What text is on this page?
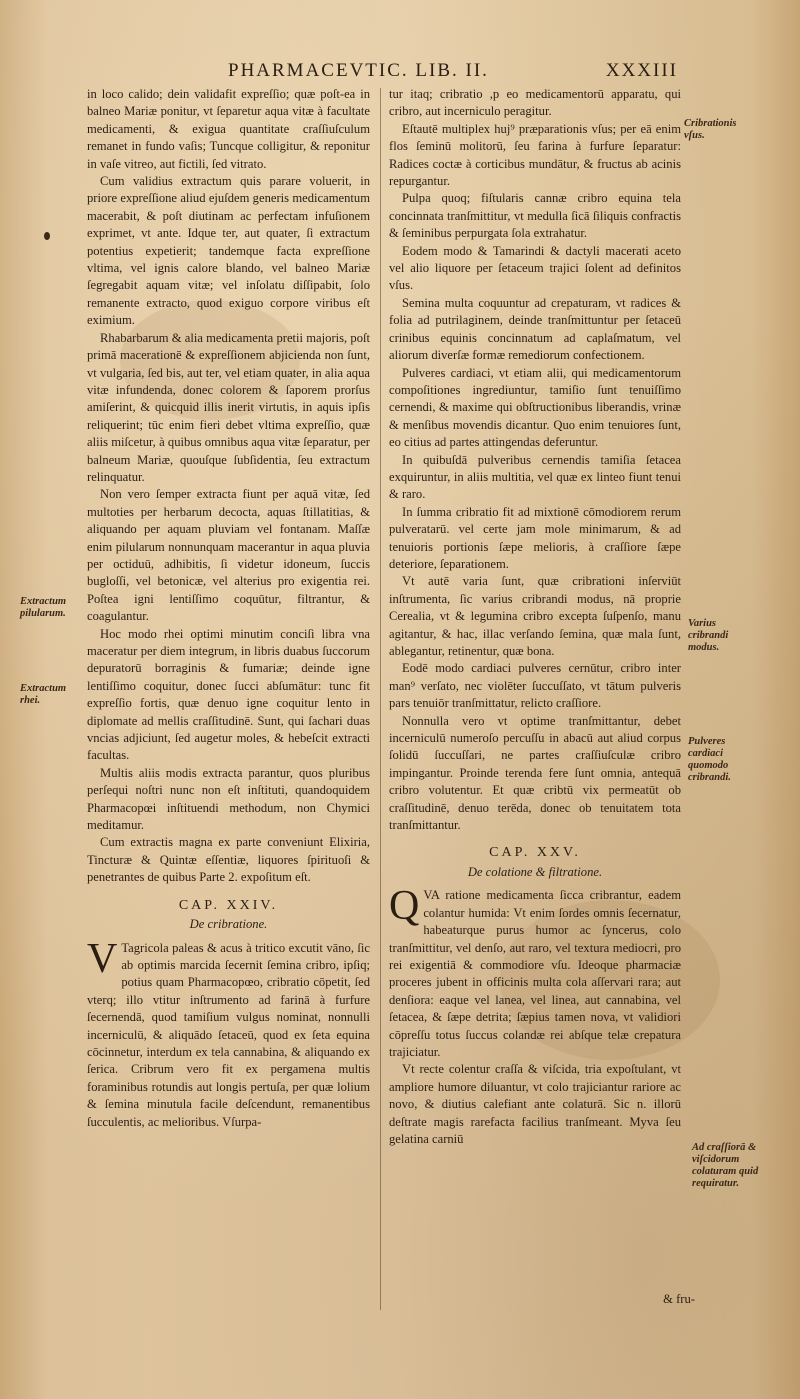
PHARMACEVTIC. LIB. II.	XXXIII

in loco calido; dein validafit expreſſio; quæ poſt-ea in balneo Mariæ ponitur, vt ſeparetur aqua vitæ à facultate medicamenti, & exigua quantitate craſſiuſculum remanet in fundo vaſis; Tuncque colligitur, & reponitur in vaſe vitreo, aut fictili, ſed vitrato.

Cum validius extractum quis parare voluerit, in priore expreſſione aliud ejuſdem generis medicamentum macerabit, & poſt diutinam ac perfectam infuſionem exprimet, vt ante. Idque ter, aut quater, ſi extractum potentius expetierit; tandemque facta expreſſione vltima, vel ignis calore blando, vel balneo Mariæ ſegregabit aquam vitæ; vel inſolatu diſſipabit, ſolo remanente extracto, quod exiguo corpore viribus eſt eximium.

Rhabarbarum & alia medicamenta pretii majoris, poſt primā macerationē & expreſſionem abjicienda non ſunt, vt vulgaria, ſed bis, aut ter, vel etiam quater, in alia aqua vitæ infundenda, donec colorem & ſaporem prorſus amiſerint, & quicquid illis inerit virtutis, in aquis ipſis reliquerint; tūc enim fieri debet vltima expreſſio, quæ aliis miſcetur, à quibus omnibus aqua vitæ ſeparatur, per balneum Mariæ, quouſque ſubſidentia, ſeu extractum relinquatur.

Non vero ſemper extracta fiunt per aquā vitæ, ſed multoties per herbarum decocta, aquas ſtillatitias, & aliquando per aquam pluviam vel fontanam. Maſſæ enim pilularum nonnunquam macerantur in aqua pluvia per octiduū, adhibitis, ſi videtur idoneum, ſuccis bugloſſi, vel betonicæ, vel alterius pro exigentia rei. Poſtea igni lentiſſimo coquūtur, filtrantur, & coagulantur.

Hoc modo rhei optimi minutim conciſi libra vna maceratur per diem integrum, in libris duabus ſuccorum depuratorū borraginis & fumariæ; deinde igne lentiſſimo coquitur, donec ſucci abſumātur: tunc fit expreſſio fortis, quæ denuo igne coquitur lento in diplomate ad mellis craſſitudinē. Sunt, qui ſachari duas vncias adjiciunt, ſed augetur moles, & hebeſcit extracti facultas.

Multis aliis modis extracta parantur, quos pluribus perſequi noſtri nunc non eſt inſtituti, quandoquidem Pharmacopœi inſtituendi methodum, non Chymici meditamur.

Cum extractis magna ex parte conveniunt Elixiria, Tincturæ & Quintæ eſſentiæ, liquores ſpirituoſi & penetrantes de quibus Parte 2. expoſitum eſt.

CAP. XXIV.
De cribratione.

V Tagricola paleas & acus à tritico excutit vāno, ſic ab optimis marcida ſecernit ſemina cribro, ipſiq; potius quam Pharmacopœo, cribratio cōpetit, ſed vterq; illo vtitur inſtrumento ad farinā à furfure ſecernendā, quod tamiſium vulgus nominat, nonnulli incerniculū, & aliquādo ſetaceū, quod ex ſeta equina cōcinnetur, interdum ex tela cannabina, & aliquando ex ſerica. Cribrum vero fit ex pergamena multis foraminibus rotundis aut longis pertuſa, per quæ lolium & ſemina minutula facile deſcendunt, remanentibus ſucculentis, ac melioribus. Vſurpa-

tur itaq; cribratio ,p eo medicamentorū apparatu, qui cribro, aut incerniculo peragitur.

Eſtautē multiplex huj⁹ præparationis vſus; per eā enim flos ſeminū molitorū, ſeu farina à furfure ſeparatur: Radices coctæ à corticibus mundātur, & fructus ab acinis repurgantur.

Pulpa quoq; fiſtularis cannæ cribro equina tela concinnata tranſmittitur, vt medulla ſicā ſiliquis confractis & ſeminibus perpurgata ſola extrahatur.

Eodem modo & Tamarindi & dactyli macerati aceto vel alio liquore per ſetaceum trajici ſolent ad definitos vſus.

Semina multa coquuntur ad crepaturam, vt radices & folia ad putrilaginem, deinde tranſmittuntur per ſetaceū crinibus equinis concinnatum ad caplaſmatum, vel aliorum diverſæ formæ remediorum confectionem.

Pulveres cardiaci, vt etiam alii, qui medicamentorum compoſitiones ingrediuntur, tamiſio ſunt tenuiſſimo cernendi, & maxime qui obſtructionibus liberandis, vrinæ & menſibus movendis dicantur. Quo enim tenuiores ſunt, eo citius ad partes attingendas deferuntur.

In quibuſdā pulveribus cernendis tamiſia ſetacea exquiruntur, in aliis multitia, vel quæ ex linteo fiunt tenui & raro.

In ſumma cribratio fit ad mixtionē cōmodiorem rerum pulveratarū. vel certe jam mole minimarum, & ad tenuioris portionis ſæpe melioris, à craſſiore ſæpe deteriore, ſeparationem.

Vt autē varia ſunt, quæ cribrationi inſerviūt inſtrumenta, ſic varius cribrandi modus, nā proprie Cerealia, vt & legumina cribro excepta ſuſpenſo, manu agitantur, & hac, illac verſando ſemina, quæ mala ſunt, ablegantur, retinentur, quæ bona.

Eodē modo cardiaci pulveres cernūtur, cribro inter man⁹ verſato, nec violēter ſuccuſſato, vt tātum pulveris pars tenuiōr tranſmittatur, relicto craſſiore.

Nonnulla vero vt optime tranſmittantur, debet incerniculū numeroſo percuſſu in abacū aut aliud corpus ſolidū ſuccuſſari, ne partes craſſiuſculæ cribro impingantur. Proinde terenda fere ſunt omnia, antequā cribro volutentur. Et quæ cribtū vix permeatūt ob craſſitudinē, denuo terēda, donec ob tenuitatem tota tranſmittantur.

CAP. XXV.
De colatione & filtratione.

QVA ratione medicamenta ſicca cribrantur, eadem colantur humida: Vt enim ſordes omnis ſecernatur, habeaturque purus humor ac ſyncerus, colo tranſmittitur, vel denſo, aut raro, vel textura mediocri, pro rei exigentiā & commodiore vſu. Ideoque pharmaciæ proceres jubent in officinis multa cola aſſervari rara; aut denſiora: eaque vel lanea, vel linea, aut cannabina, vel ſetacea, & ſæpe detrita; ſæpius tamen nova, vt validiori cōpreſſu totus ſuccus colandæ rei abſque telæ crepatura trajiciatur.

Vt recte colentur craſſa & viſcida, tria expoſtulant, vt ampliore humore diluantur, vt colo trajiciantur rariore ac novo, & diutius calefiant ante colaturā. Sic n. illorū deſtrate magis rarefacta facilius tranſmeant. Myva ſeu gelatina carniū

& fru-
Extractum pilularum.
Extractum rhei.
Cribrationis vſus.
Varius cribrandi modus.
Pulveres cardiaci quomodo cribrandi.
Ad craſſiorā & viſcidorum colaturam quid requiratur.
